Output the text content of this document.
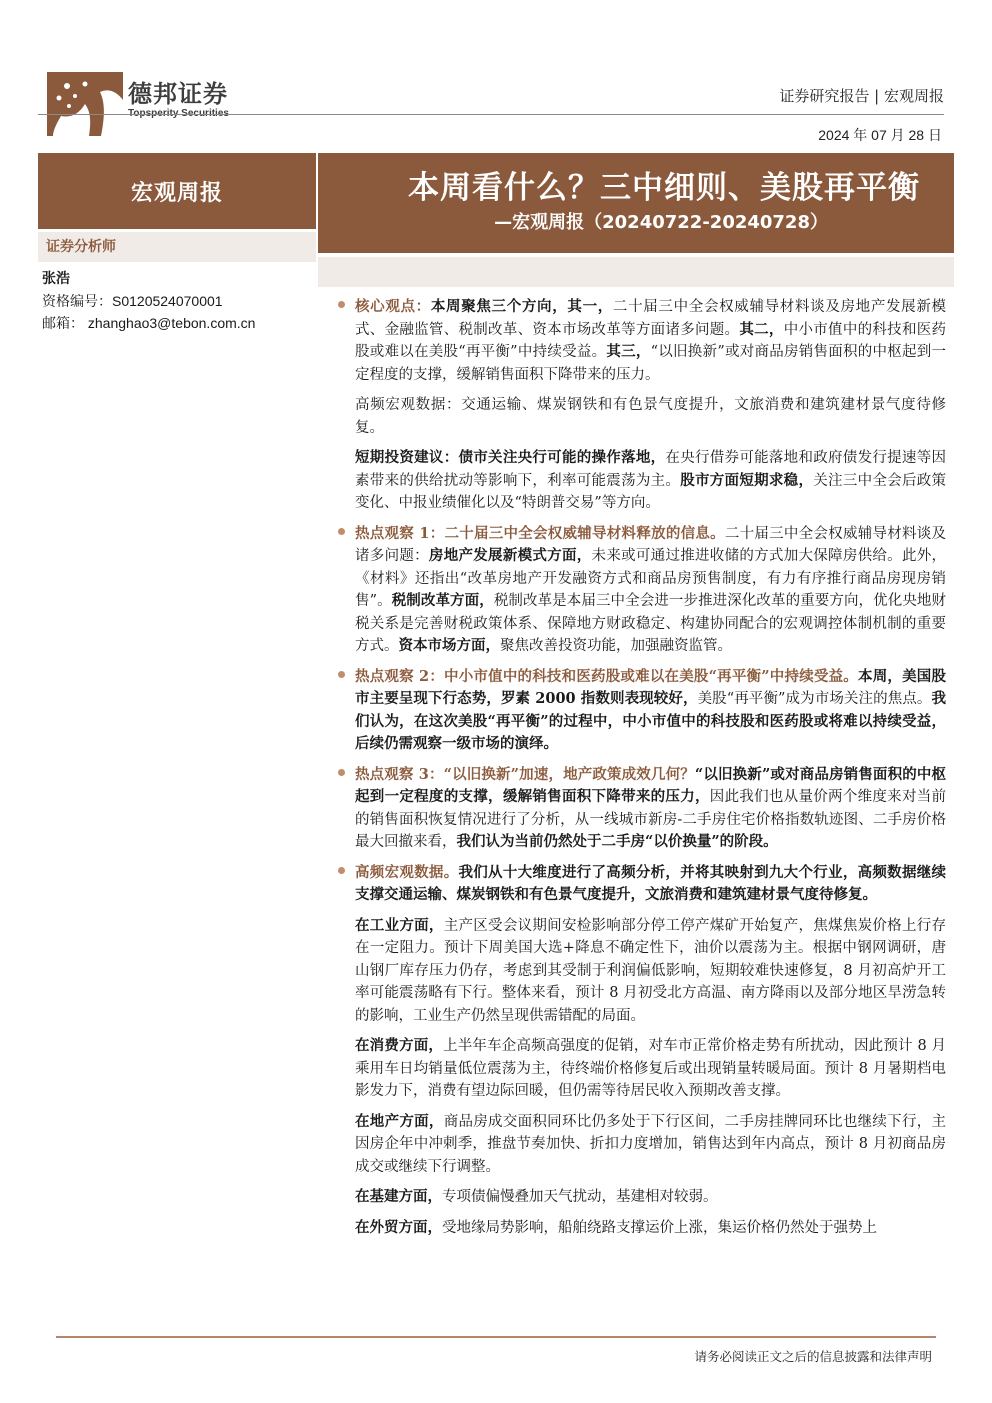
德邦证券
Topsperity Securities
证券研究报告 | 宏观周报
2024 年 07 月 28 日
宏观周报
证券分析师
张浩
资格编号：S0120524070001
邮箱： zhanghao3@tebon.com.cn
本周看什么？三中细则、美股再平衡
—宏观周报（20240722-20240728）
核心观点：本周聚焦三个方向，其一，二十届三中全会权威辅导材料谈及房地产发展新模式、金融监管、税制改革、资本市场改革等方面诸多问题。其二，中小市值中的科技和医药股或难以在美股“再平衡”中持续受益。其三，“以旧换新”或对商品房销售面积的中枢起到一定程度的支撑，缓解销售面积下降带来的压力。
高频宏观数据：交通运输、煤炭钢铁和有色景气度提升，文旅消费和建筑建材景气度待修复。
短期投资建议：债市关注央行可能的操作落地，在央行借券可能落地和政府债发行提速等因素带来的供给扰动等影响下，利率可能震荡为主。股市方面短期求稳，关注三中全会后政策变化、中报业绩催化以及“特朗普交易”等方向。
热点观察 1：二十届三中全会权威辅导材料释放的信息。二十届三中全会权威辅导材料谈及诸多问题：房地产发展新模式方面，未来或可通过推进收储的方式加大保障房供给。此外，《材料》还指出“改革房地产开发融资方式和商品房预售制度，有力有序推行商品房现房销售”。税制改革方面，税制改革是本届三中全会进一步推进深化改革的重要方向，优化央地财税关系是完善财税政策体系、保障地方财政稳定、构建协同配合的宏观调控体制机制的重要方式。资本市场方面，聚焦改善投资功能，加强融资监管。
热点观察 2：中小市值中的科技和医药股或难以在美股“再平衡”中持续受益。本周，美国股市主要呈现下行态势，罗素 2000 指数则表现较好，美股“再平衡”成为市场关注的焦点。我们认为，在这次美股“再平衡”的过程中，中小市值中的科技股和医药股或将难以持续受益，后续仍需观察一级市场的演绎。
热点观察 3：“以旧换新”加速，地产政策成效几何？“以旧换新”或对商品房销售面积的中枢起到一定程度的支撑，缓解销售面积下降带来的压力，因此我们也从量价两个维度来对当前的销售面积恢复情况进行了分析，从一线城市新房-二手房住宅价格指数轨迹图、二手房价格最大回撤来看，我们认为当前仍然处于二手房“以价换量”的阶段。
高频宏观数据。我们从十大维度进行了高频分析，并将其映射到九大个行业，高频数据继续支撑交通运输、煤炭钢铁和有色景气度提升，文旅消费和建筑建材景气度待修复。
在工业方面，主产区受会议期间安检影响部分停工停产煤矿开始复产，焦煤焦炭价格上行存在一定阻力。预计下周美国大选+降息不确定性下，油价以震荡为主。根据中钢网调研，唐山钢厂库存压力仍存，考虑到其受制于利润偏低影响，短期较难快速修复，8 月初高炉开工率可能震荡略有下行。整体来看，预计 8 月初受北方高温、南方降雨以及部分地区旱涝急转的影响，工业生产仍然呈现供需错配的局面。
在消费方面，上半年车企高频高强度的促销，对车市正常价格走势有所扰动，因此预计 8 月乘用车日均销量低位震荡为主，待终端价格修复后或出现销量转暖局面。预计 8 月暑期档电影发力下，消费有望边际回暖，但仍需等待居民收入预期改善支撑。
在地产方面，商品房成交面积同环比仍多处于下行区间，二手房挂牌同环比也继续下行，主因房企年中冲刺季，推盘节奏加快、折扣力度增加，销售达到年内高点，预计 8 月初商品房成交或继续下行调整。
在基建方面，专项债偏慢叠加天气扰动，基建相对较弱。
在外贸方面，受地缘局势影响，船舶绕路支撑运价上涨，集运价格仍然处于强势上
请务必阅读正文之后的信息披露和法律声明
